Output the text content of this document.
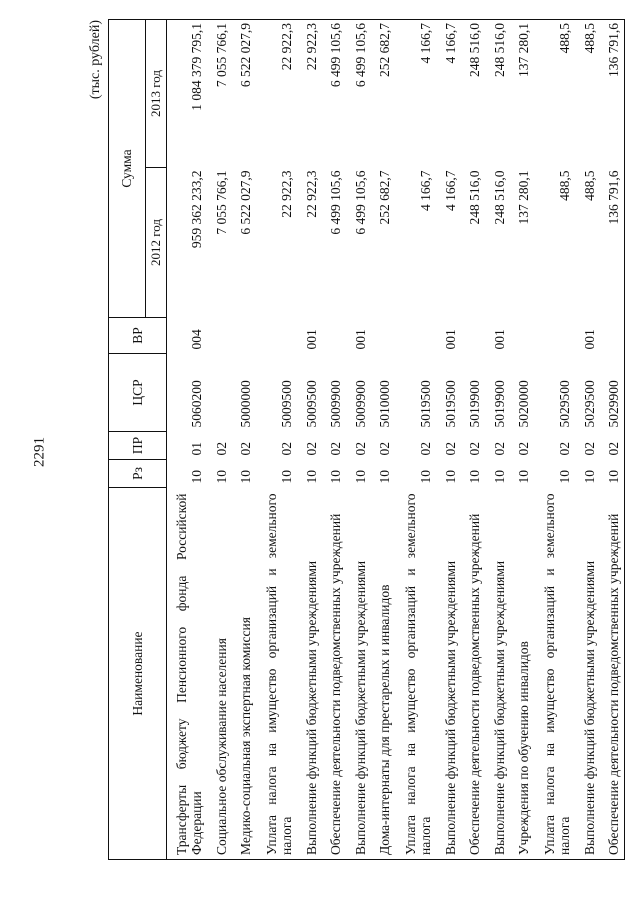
2291
(тыс. рублей)
Наименование	Рз	ПР	ЦСР	ВР	Сумма	
					2012 год	2013 год
Трансферты бюджету Пенсионного фонда Российской Федерации	10	01	5060200	004	959 362 233,2	1 084 379 795,1
Социальное обслуживание населения	10	02			7 055 766,1	7 055 766,1
Медико-социальная экспертная комиссия	10	02	5000000		6 522 027,9	6 522 027,9
Уплата налога на имущество организаций и земельного налога	10	02	5009500		22 922,3	22 922,3
Выполнение функций бюджетными учреждениями	10	02	5009500	001	22 922,3	22 922,3
Обеспечение деятельности подведомственных учреждений	10	02	5009900		6 499 105,6	6 499 105,6
Выполнение функций бюджетными учреждениями	10	02	5009900	001	6 499 105,6	6 499 105,6
Дома-интернаты для престарелых и инвалидов	10	02	5010000		252 682,7	252 682,7
Уплата налога на имущество организаций и земельного налога	10	02	5019500		4 166,7	4 166,7
Выполнение функций бюджетными учреждениями	10	02	5019500	001	4 166,7	4 166,7
Обеспечение деятельности подведомственных учреждений	10	02	5019900		248 516,0	248 516,0
Выполнение функций бюджетными учреждениями	10	02	5019900	001	248 516,0	248 516,0
Учреждения по обучению инвалидов	10	02	5020000		137 280,1	137 280,1
Уплата налога на имущество организаций и земельного налога	10	02	5029500		488,5	488,5
Выполнение функций бюджетными учреждениями	10	02	5029500	001	488,5	488,5
Обеспечение деятельности подведомственных учреждений	10	02	5029900		136 791,6	136 791,6
